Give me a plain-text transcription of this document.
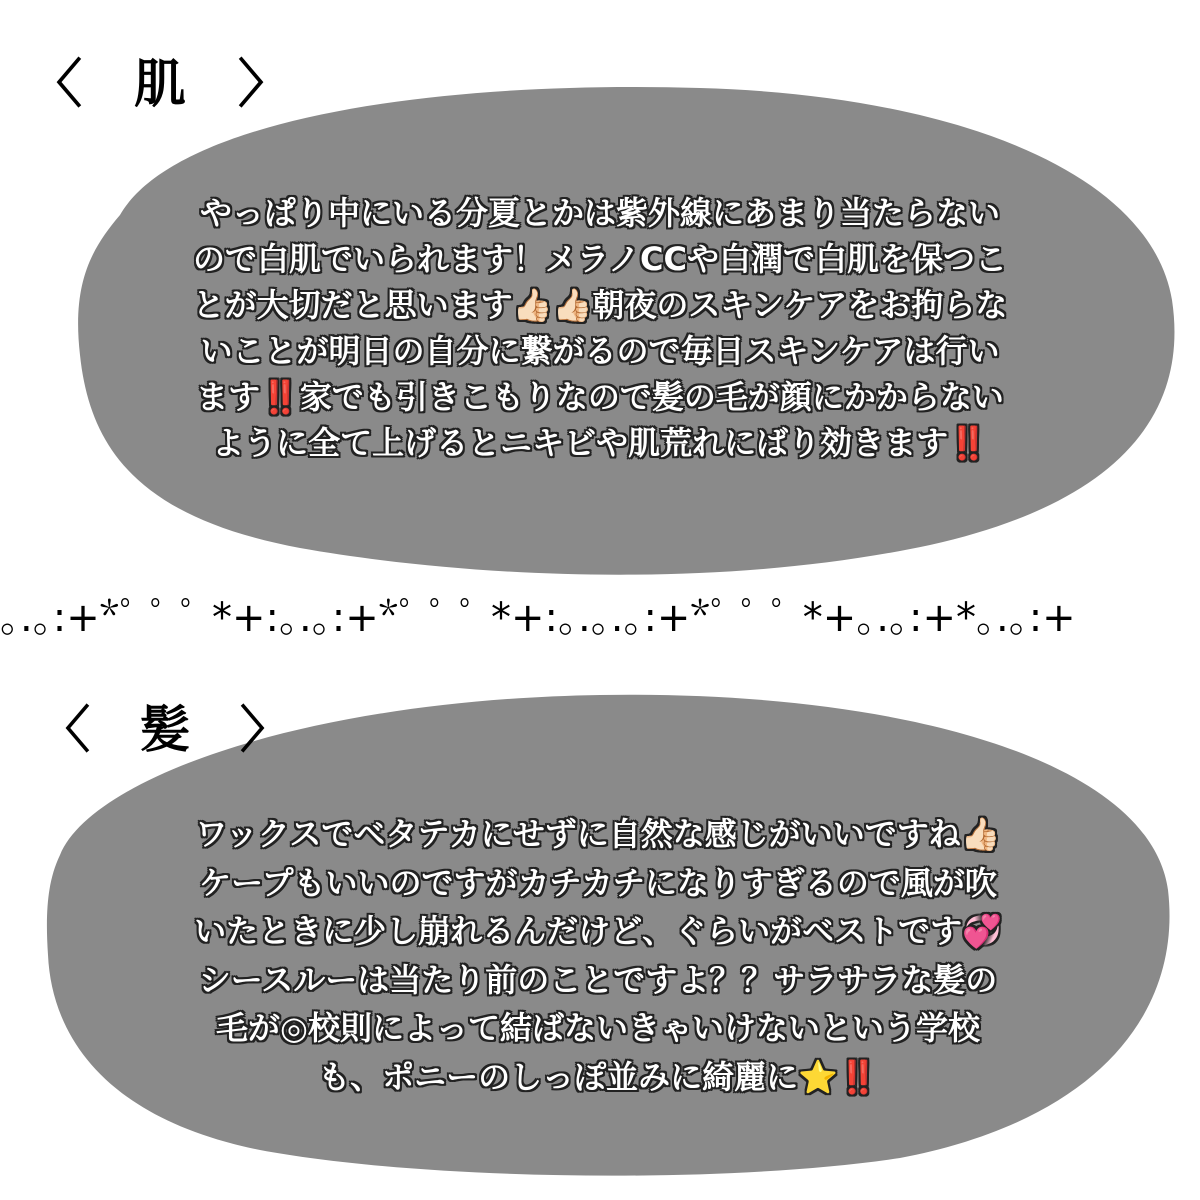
〈　肌　〉
やっぱり中にいる分夏とかは紫外線にあまり当たらない
ので白肌でいられます！メラノCCや白潤で白肌を保つこ
とが大切だと思います👍🏻👍🏻朝夜のスキンケアをお拘らな
いことが明日の自分に繋がるので毎日スキンケアは行い
ます‼️家でも引きこもりなので髪の毛が顔にかからない
ように全て上げるとニキビや肌荒れにばり効きます‼️
｡.｡:+*ﾟ ﾟ ﾟ *+:｡.｡:+*ﾟ ﾟ ﾟ *+:｡.｡.｡:+*ﾟ ﾟ ﾟ *+｡.｡:+*｡.｡:+
〈　髪　〉
ワックスでベタテカにせずに自然な感じがいいですね👍🏻
ケープもいいのですがカチカチになりすぎるので風が吹
いたときに少し崩れるんだけど、ぐらいがベストです💞
シースルーは当たり前のことですよ？？サラサラな髪の
毛が◎校則によって結ばないきゃいけないという学校
も、ポニーのしっぽ並みに綺麗に⭐️‼️
